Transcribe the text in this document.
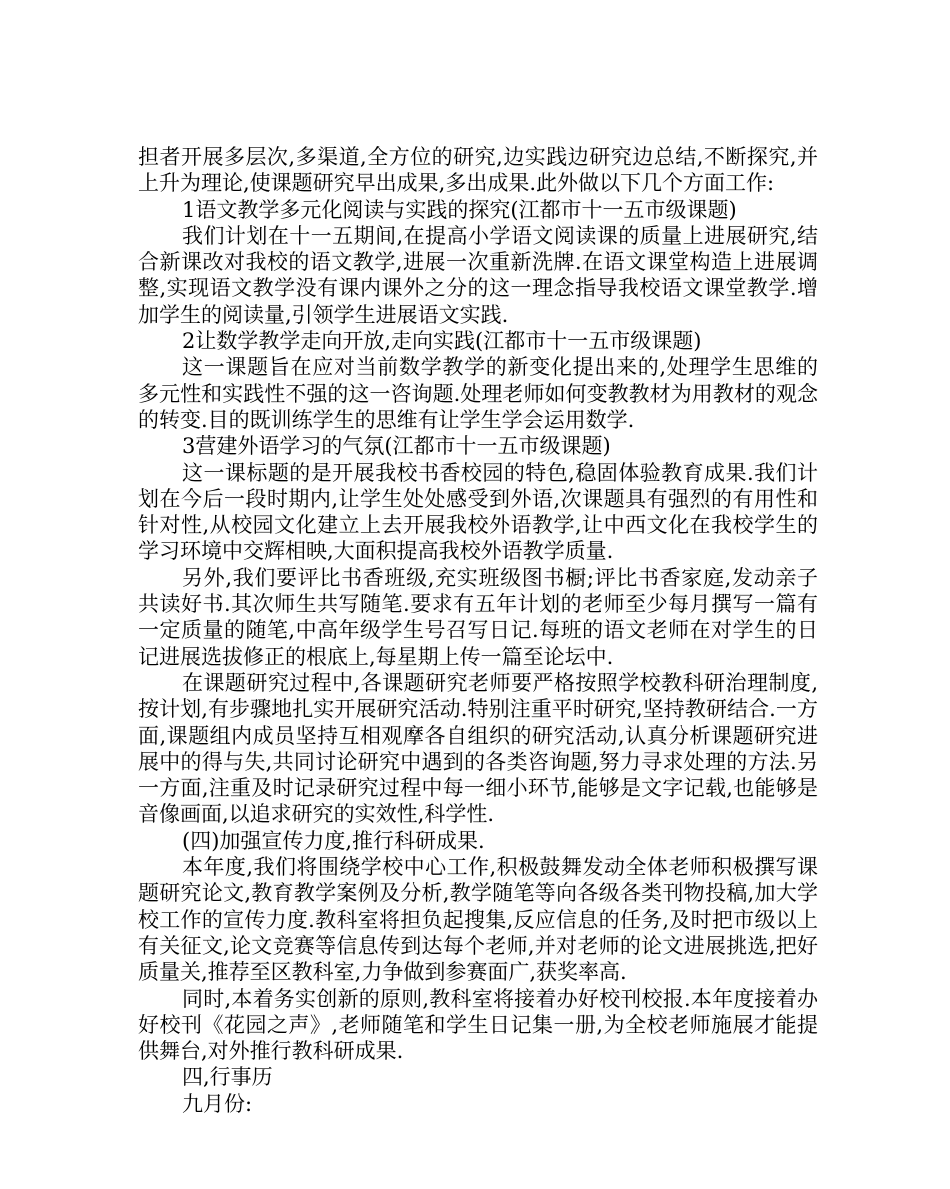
担者开展多层次,多渠道,全方位的研究,边实践边研究边总结,不断探究,并上升为理论,使课题研究早出成果,多出成果.此外做以下几个方面工作:

1语文教学多元化阅读与实践的探究(江都市十一五市级课题)

我们计划在十一五期间,在提高小学语文阅读课的质量上进展研究,结合新课改对我校的语文教学,进展一次重新洗牌.在语文课堂构造上进展调整,实现语文教学没有课内课外之分的这一理念指导我校语文课堂教学.增加学生的阅读量,引领学生进展语文实践.

2让数学教学走向开放,走向实践(江都市十一五市级课题)

这一课题旨在应对当前数学教学的新变化提出来的,处理学生思维的多元性和实践性不强的这一咨询题.处理老师如何变教教材为用教材的观念的转变.目的既训练学生的思维有让学生学会运用数学.

3营建外语学习的气氛(江都市十一五市级课题)

这一课标题的是开展我校书香校园的特色,稳固体验教育成果.我们计划在今后一段时期内,让学生处处感受到外语,次课题具有强烈的有用性和针对性,从校园文化建立上去开展我校外语教学,让中西文化在我校学生的学习环境中交辉相映,大面积提高我校外语教学质量.

另外,我们要评比书香班级,充实班级图书橱;评比书香家庭,发动亲子共读好书.其次师生共写随笔.要求有五年计划的老师至少每月撰写一篇有一定质量的随笔,中高年级学生号召写日记.每班的语文老师在对学生的日记进展选拔修正的根底上,每星期上传一篇至论坛中.

在课题研究过程中,各课题研究老师要严格按照学校教科研治理制度,按计划,有步骤地扎实开展研究活动.特别注重平时研究,坚持教研结合.一方面,课题组内成员坚持互相观摩各自组织的研究活动,认真分析课题研究进展中的得与失,共同讨论研究中遇到的各类咨询题,努力寻求处理的方法.另一方面,注重及时记录研究过程中每一细小环节,能够是文字记载,也能够是音像画面,以追求研究的实效性,科学性.

(四)加强宣传力度,推行科研成果.

本年度,我们将围绕学校中心工作,积极鼓舞发动全体老师积极撰写课题研究论文,教育教学案例及分析,教学随笔等向各级各类刊物投稿,加大学校工作的宣传力度.教科室将担负起搜集,反应信息的任务,及时把市级以上有关征文,论文竞赛等信息传到达每个老师,并对老师的论文进展挑选,把好质量关,推荐至区教科室,力争做到参赛面广,获奖率高.

同时,本着务实创新的原则,教科室将接着办好校刊校报.本年度接着办好校刊《花园之声》,老师随笔和学生日记集一册,为全校老师施展才能提供舞台,对外推行教科研成果.

四,行事历

九月份:
